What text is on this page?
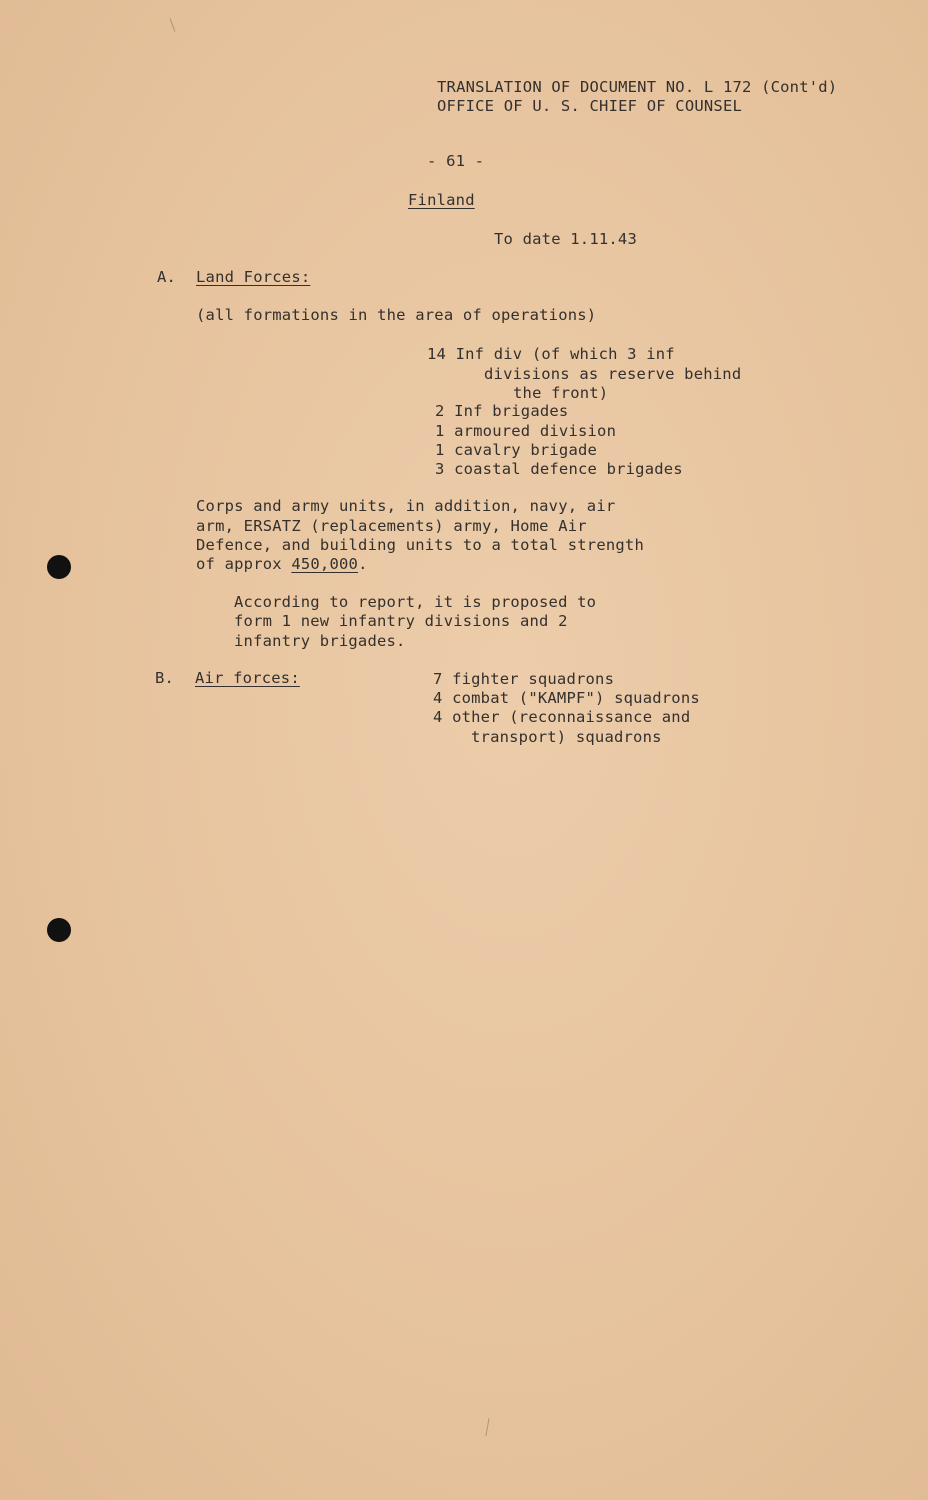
TRANSLATION OF DOCUMENT NO. L 172 (Cont'd)
OFFICE OF U. S. CHIEF OF COUNSEL
- 61 -
Finland
To date 1.11.43
A. Land Forces:
(all formations in the area of operations)
14 Inf div (of which 3 inf
divisions as reserve behind
the front)
2 Inf brigades
1 armoured division
1 cavalry brigade
3 coastal defence brigades
Corps and army units, in addition, navy, air
arm, ERSATZ (replacements) army, Home Air
Defence, and building units to a total strength
of approx 450,000.
According to report, it is proposed to
form 1 new infantry divisions and 2
infantry brigades.
B. Air forces:	7 fighter squadrons
4 combat ("KAMPF") squadrons
4 other (reconnaissance and
transport) squadrons
